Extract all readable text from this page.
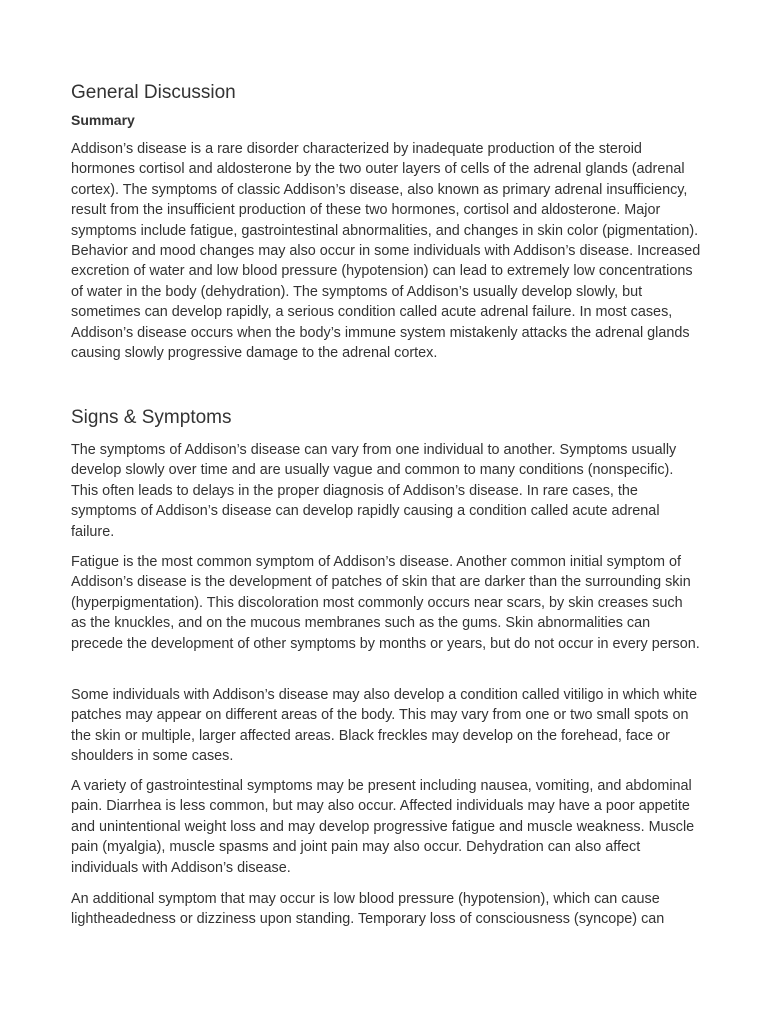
General Discussion
Summary

Addison’s disease is a rare disorder characterized by inadequate production of the steroid hormones cortisol and aldosterone by the two outer layers of cells of the adrenal glands (adrenal cortex). The symptoms of classic Addison’s disease, also known as primary adrenal insufficiency, result from the insufficient production of these two hormones, cortisol and aldosterone. Major symptoms include fatigue, gastrointestinal abnormalities, and changes in skin color (pigmentation). Behavior and mood changes may also occur in some individuals with Addison’s disease. Increased excretion of water and low blood pressure (hypotension) can lead to extremely low concentrations of water in the body (dehydration). The symptoms of Addison’s usually develop slowly, but sometimes can develop rapidly, a serious condition called acute adrenal failure. In most cases, Addison’s disease occurs when the body’s immune system mistakenly attacks the adrenal glands causing slowly progressive damage to the adrenal cortex.

Signs & Symptoms

The symptoms of Addison’s disease can vary from one individual to another. Symptoms usually develop slowly over time and are usually vague and common to many conditions (nonspecific). This often leads to delays in the proper diagnosis of Addison’s disease. In rare cases, the symptoms of Addison’s disease can develop rapidly causing a condition called acute adrenal failure.

Fatigue is the most common symptom of Addison’s disease. Another common initial symptom of Addison’s disease is the development of patches of skin that are darker than the surrounding skin (hyperpigmentation). This discoloration most commonly occurs near scars, by skin creases such as the knuckles, and on the mucous membranes such as the gums. Skin abnormalities can precede the development of other symptoms by months or years, but do not occur in every person.

Some individuals with Addison’s disease may also develop a condition called vitiligo in which white patches may appear on different areas of the body. This may vary from one or two small spots on the skin or multiple, larger affected areas. Black freckles may develop on the forehead, face or shoulders in some cases.

A variety of gastrointestinal symptoms may be present including nausea, vomiting, and abdominal pain. Diarrhea is less common, but may also occur. Affected individuals may have a poor appetite and unintentional weight loss and may develop progressive fatigue and muscle weakness. Muscle pain (myalgia), muscle spasms and joint pain may also occur. Dehydration can also affect individuals with Addison’s disease.

An additional symptom that may occur is low blood pressure (hypotension), which can cause lightheadedness or dizziness upon standing. Temporary loss of consciousness (syncope) can
